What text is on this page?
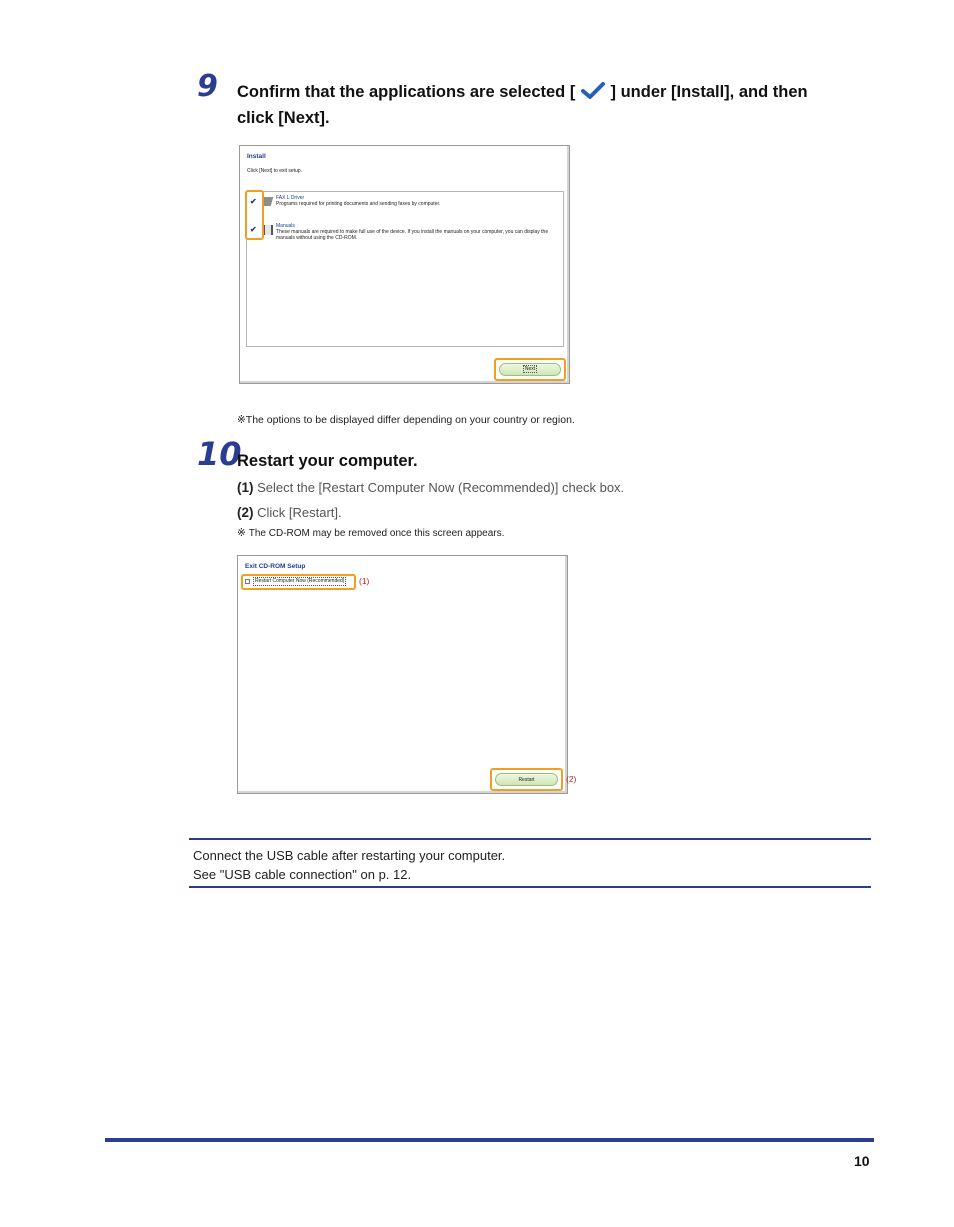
9 Confirm that the applications are selected [ ] under [Install], and then
click [Next].
Install
Click [Next] to exit setup.
✔	FAX L Driver
Programs required for printing documents and sending faxes by computer.
✔	Manuals
These manuals are required to make full use of the device. If you install the manuals on your computer, you can display the
manuals without using the CD-ROM.
Next
※The options to be displayed differ depending on your country or region.
10
Restart your computer.
(1) Select the [Restart Computer Now (Recommended)] check box.
(2) Click [Restart].
※ The CD-ROM may be removed once this screen appears.
Exit CD-ROM Setup
Restart Computer Now (Recommended) (1)
Restart	(2)
Connect the USB cable after restarting your computer.
See "USB cable connection" on p. 12.
10
